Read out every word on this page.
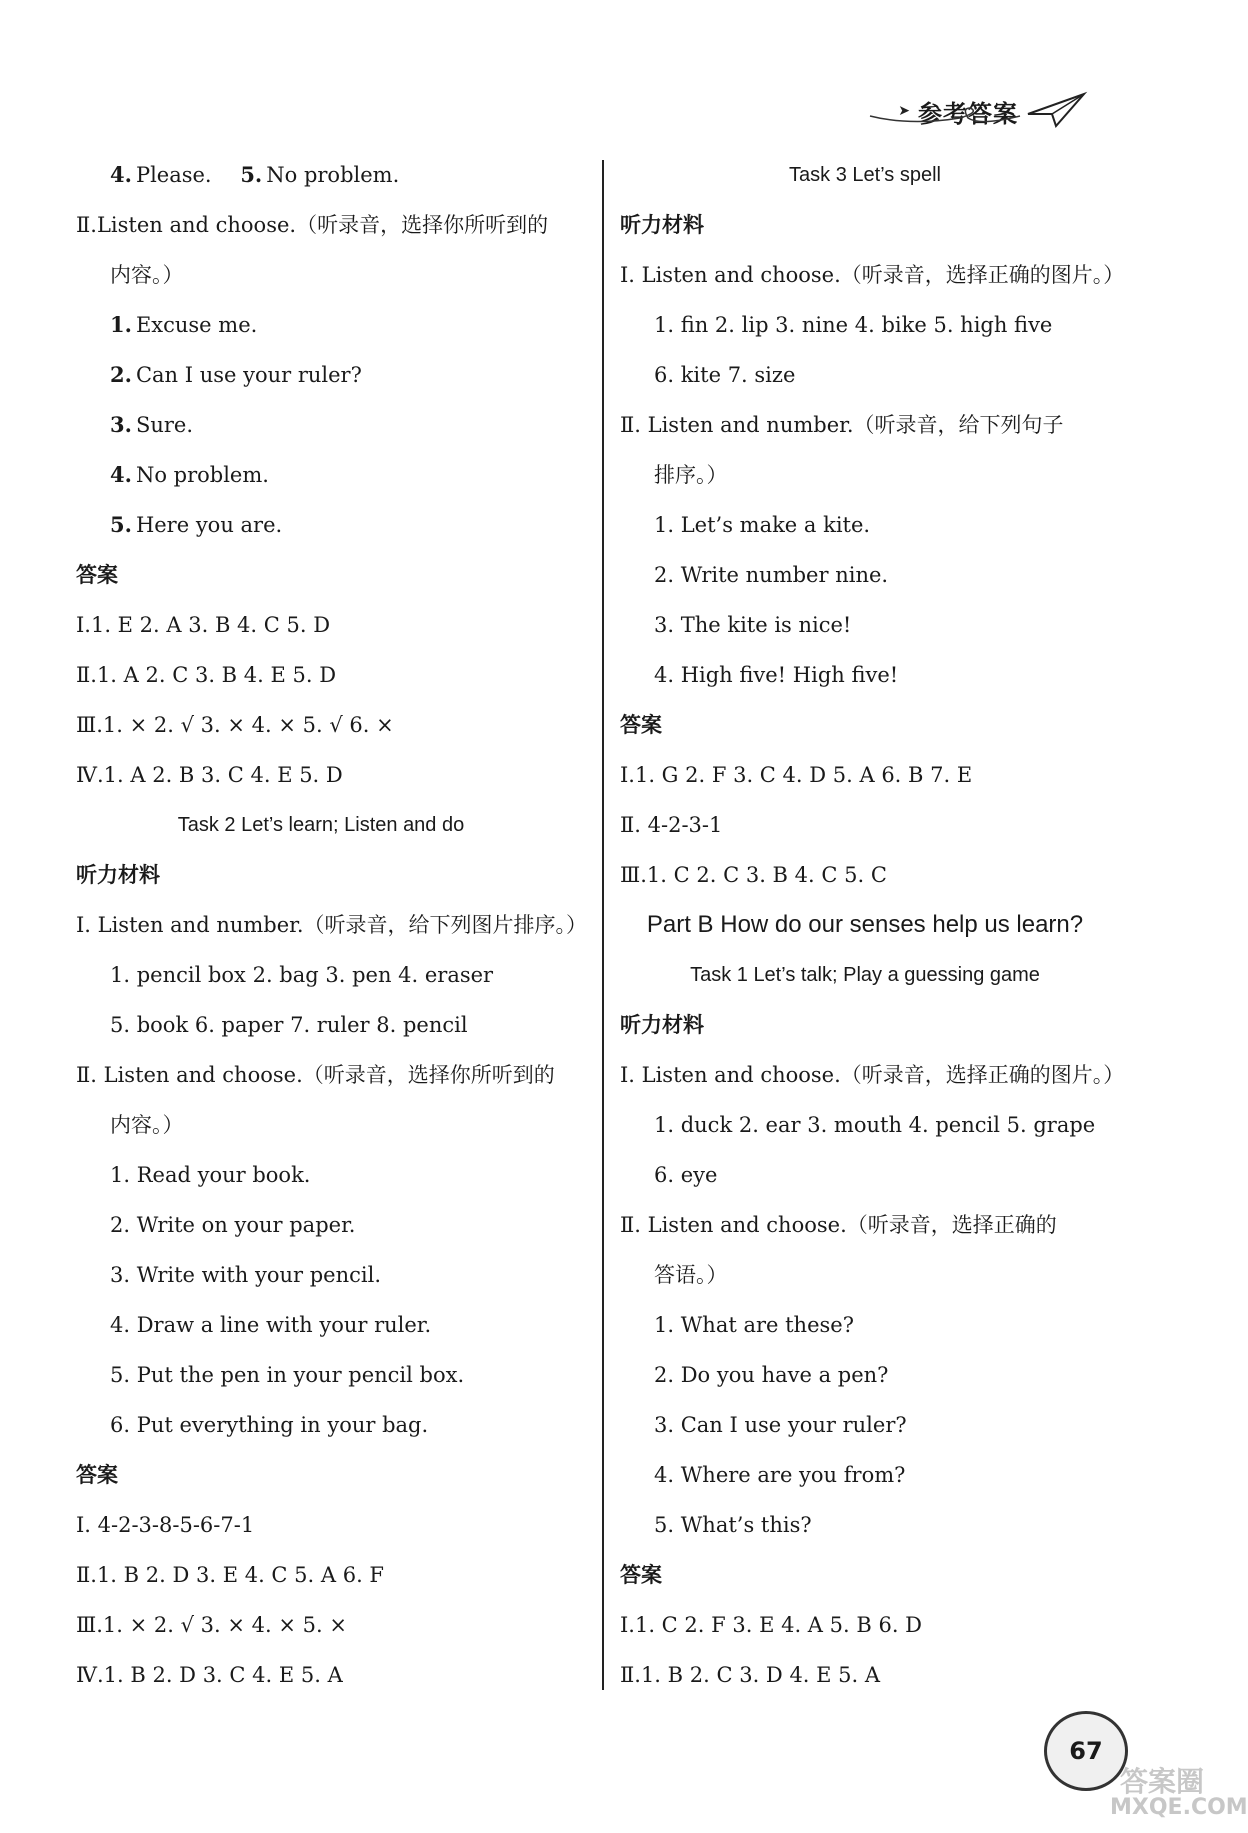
➤ 参考答案
4. Please. 5. No problem.
Ⅱ.Listen and choose.（听录音，选择你所听到的
内容。）
1. Excuse me.
2. Can I use your ruler?
3. Sure.
4. No problem.
5. Here you are.
答案
Ⅰ.1. E 2. A 3. B 4. C 5. D
Ⅱ.1. A 2. C 3. B 4. E 5. D
Ⅲ.1. × 2. √ 3. × 4. × 5. √ 6. ×
Ⅳ.1. A 2. B 3. C 4. E 5. D
Task 2 Let’s learn; Listen and do
听力材料
Ⅰ. Listen and number.（听录音，给下列图片排序。）
1. pencil box 2. bag 3. pen 4. eraser
5. book 6. paper 7. ruler 8. pencil
Ⅱ. Listen and choose.（听录音，选择你所听到的
内容。）
1. Read your book.
2. Write on your paper.
3. Write with your pencil.
4. Draw a line with your ruler.
5. Put the pen in your pencil box.
6. Put everything in your bag.
答案
Ⅰ. 4-2-3-8-5-6-7-1
Ⅱ.1. B 2. D 3. E 4. C 5. A 6. F
Ⅲ.1. × 2. √ 3. × 4. × 5. ×
Ⅳ.1. B 2. D 3. C 4. E 5. A
Task 3 Let’s spell
听力材料
Ⅰ. Listen and choose.（听录音，选择正确的图片。）
1. fin 2. lip 3. nine 4. bike 5. high five
6. kite 7. size
Ⅱ. Listen and number.（听录音，给下列句子
排序。）
1. Let’s make a kite.
2. Write number nine.
3. The kite is nice!
4. High five! High five!
答案
Ⅰ.1. G 2. F 3. C 4. D 5. A 6. B 7. E
Ⅱ. 4-2-3-1
Ⅲ.1. C 2. C 3. B 4. C 5. C
Part B How do our senses help us learn?
Task 1 Let’s talk; Play a guessing game
听力材料
Ⅰ. Listen and choose.（听录音，选择正确的图片。）
1. duck 2. ear 3. mouth 4. pencil 5. grape
6. eye
Ⅱ. Listen and choose.（听录音，选择正确的
答语。）
1. What are these?
2. Do you have a pen?
3. Can I use your ruler?
4. Where are you from?
5. What’s this?
答案
Ⅰ.1. C 2. F 3. E 4. A 5. B 6. D
Ⅱ.1. B 2. C 3. D 4. E 5. A
67
答案圈
MXQE.COM
